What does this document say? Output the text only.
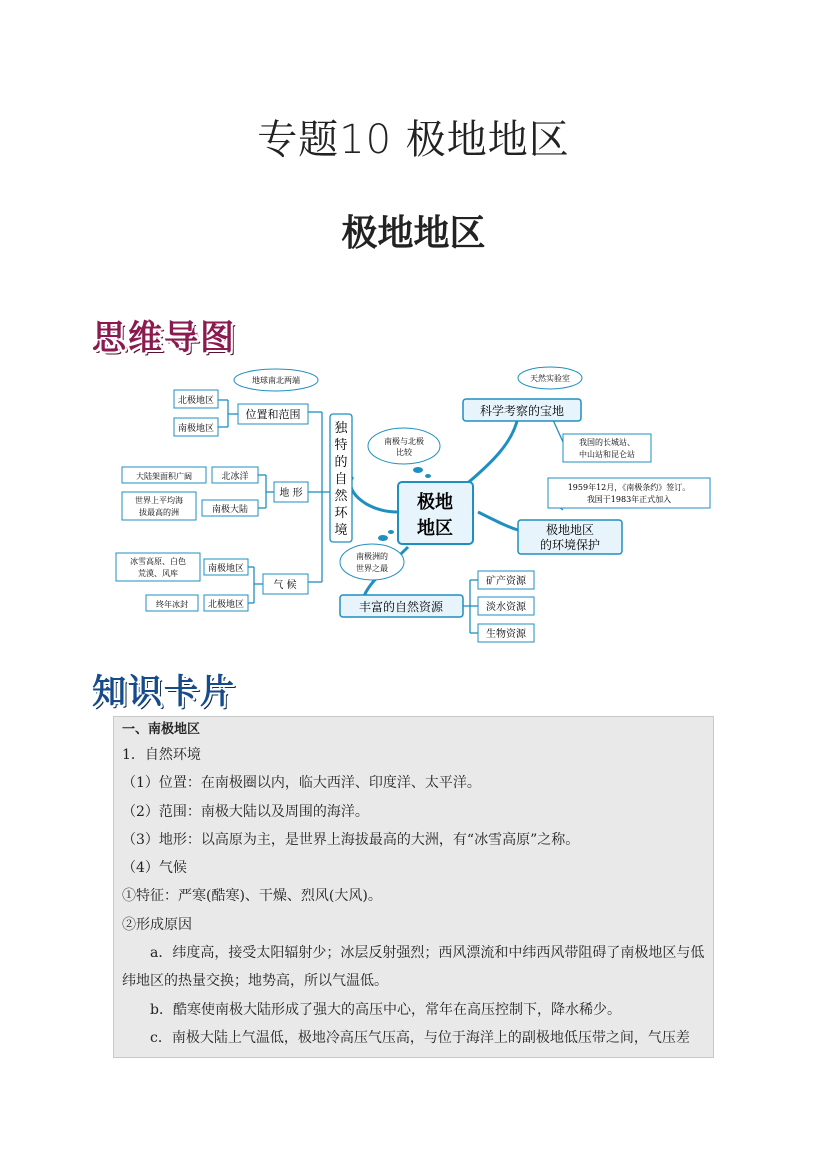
专题10 极地地区
极地地区
思维导图
极地
地区
独
特
的
自
然
环
境
位置和范围
北极地区
南极地区
地球南北两端
地 形
北冰洋
大陆架面积广阔
南极大陆
世界上平均海
拔最高的洲
气 候
南极地区
冰雪高原、白色
荒漠、风库
北极地区
终年冰封
南极与北极
比较
南极洲的
世界之最
科学考察的宝地
天然实验室
我国的长城站、
中山站和昆仑站
极地地区
的环境保护
1959年12月，《南极条约》签订。
我国于1983年正式加入
丰富的自然资源
矿产资源
淡水资源
生物资源
知识卡片

一、南极地区

1．自然环境

（1）位置：在南极圈以内，临大西洋、印度洋、太平洋。

（2）范围：南极大陆以及周围的海洋。

（3）地形：以高原为主，是世界上海拔最高的大洲，有“冰雪高原”之称。

（4）气候

①特征：严寒(酷寒)、干燥、烈风(大风)。

②形成原因

a．纬度高，接受太阳辐射少；冰层反射强烈；西风漂流和中纬西风带阻碍了南极地区与低纬地区的热量交换；地势高，所以气温低。

b．酷寒使南极大陆形成了强大的高压中心，常年在高压控制下，降水稀少。

c．南极大陆上气温低，极地冷高压气压高，与位于海洋上的副极地低压带之间，气压差
